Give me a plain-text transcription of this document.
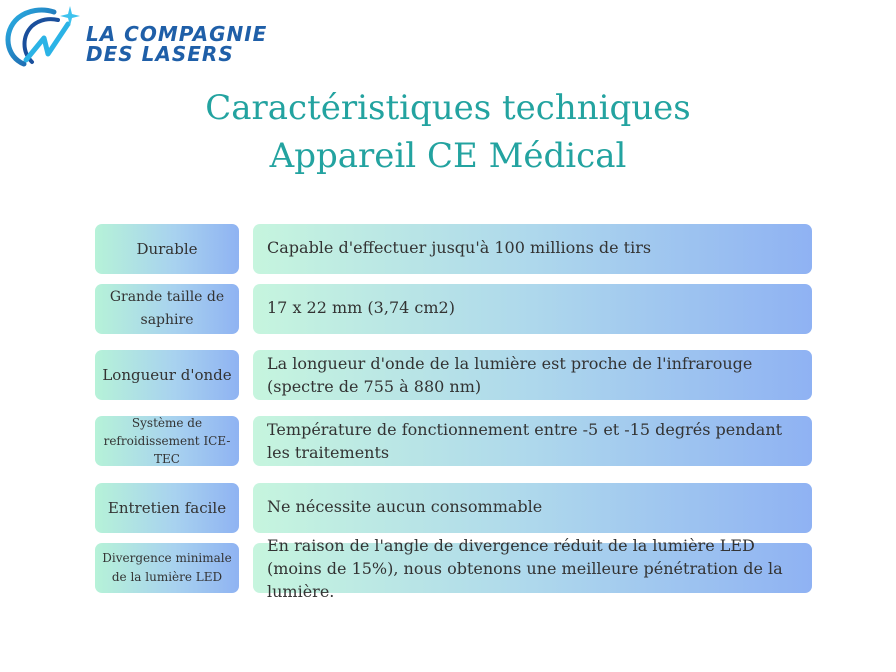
LA COMPAGNIE
DES LASERS
Caractéristiques techniques
Appareil CE Médical
Durable	Capable d'effectuer jusqu'à 100 millions de tirs
Grande taille de saphire
17 x 22 mm (3,74 cm2)
Longueur d'onde
La longueur d'onde de la lumière est proche de l'infrarouge (spectre de 755 à 880 nm)
Système de refroidissement ICE-TEC
Température de fonctionnement entre -5 et -15 degrés pendant les traitements
Entretien facile	Ne nécessite aucun consommable
Divergence minimale de la lumière LED
En raison de l'angle de divergence réduit de la lumière LED (moins de 15%), nous obtenons une meilleure pénétration de la lumière.
